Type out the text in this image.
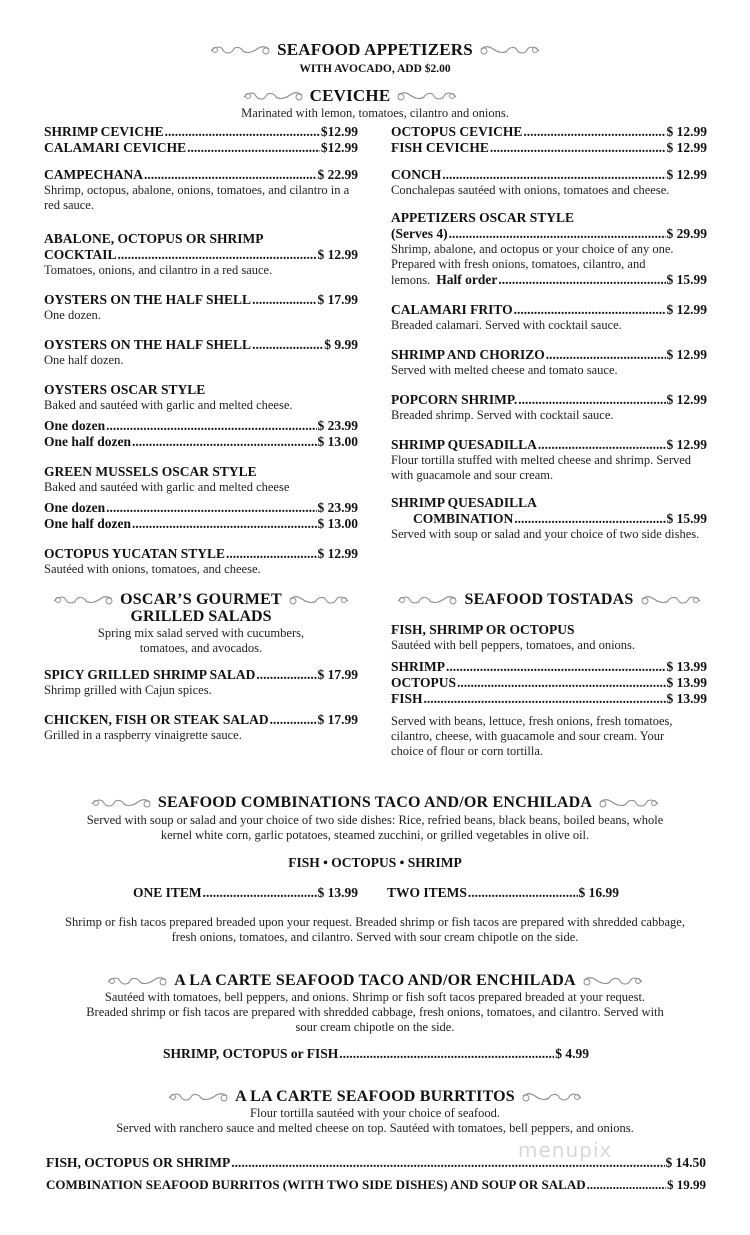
SEAFOOD APPETIZERS
WITH AVOCADO, ADD $2.00
CEVICHE
Marinated with lemon, tomatoes, cilantro and onions.
SHRIMP CEVICHE .....	$12.99
CALAMARI CEVICHE .....	$12.99
OCTOPUS CEVICHE .....	$ 12.99
FISH CEVICHE .....	$ 12.99
CAMPECHANA .....	$ 22.99
Shrimp, octopus, abalone, onions, tomatoes, and cilantro in a red sauce.
ABALONE, OCTOPUS OR SHRIMP
COCKTAIL .....	$ 12.99
Tomatoes, onions, and cilantro in a red sauce.
OYSTERS ON THE HALF SHELL .....	$ 17.99
One dozen.
OYSTERS ON THE HALF SHELL .....	$ 9.99
One half dozen.
OYSTERS OSCAR STYLE
Baked and sautéed with garlic and melted cheese.
One dozen .....	$ 23.99
One half dozen .....	$ 13.00
GREEN MUSSELS OSCAR STYLE
Baked and sautéed with garlic and melted cheese
One dozen .....	$ 23.99
One half dozen .....	$ 13.00
OCTOPUS YUCATAN STYLE .....	$ 12.99
Sautéed with onions, tomatoes, and cheese.
CONCH .....	$ 12.99
Conchalepas sautéed with onions, tomatoes and cheese.
APPETIZERS OSCAR STYLE
(Serves 4) .....	$ 29.99
Shrimp, abalone, and octopus or your choice of any one. Prepared with fresh onions, tomatoes, cilantro, and
lemons. Half order .....	$ 15.99
CALAMARI FRITO .....	$ 12.99
Breaded calamari. Served with cocktail sauce.
SHRIMP AND CHORIZO .....	$ 12.99
Served with melted cheese and tomato sauce.
POPCORN SHRIMP. .....	$ 12.99
Breaded shrimp. Served with cocktail sauce.
SHRIMP QUESADILLA .....	$ 12.99
Flour tortilla stuffed with melted cheese and shrimp. Served with guacamole and sour cream.
SHRIMP QUESADILLA
COMBINATION .....	$ 15.99
Served with soup or salad and your choice of two side dishes.
OSCAR’S GOURMET
GRILLED SALADS
Spring mix salad served with cucumbers, tomatoes, and avocados.
SPICY GRILLED SHRIMP SALAD .....	$ 17.99
Shrimp grilled with Cajun spices.
CHICKEN, FISH OR STEAK SALAD .....	$ 17.99
Grilled in a raspberry vinaigrette sauce.
SEAFOOD TOSTADAS
FISH, SHRIMP OR OCTOPUS
Sautéed with bell peppers, tomatoes, and onions.
SHRIMP .....	$ 13.99
OCTOPUS .....	$ 13.99
FISH .....	$ 13.99
Served with beans, lettuce, fresh onions, fresh tomatoes, cilantro, cheese, with guacamole and sour cream. Your choice of flour or corn tortilla.
SEAFOOD COMBINATIONS TACO AND/OR ENCHILADA
Served with soup or salad and your choice of two side dishes: Rice, refried beans, black beans, boiled beans, whole kernel white corn, garlic potatoes, steamed zucchini, or grilled vegetables in olive oil.
FISH • OCTOPUS • SHRIMP
ONE ITEM .....	$ 13.99 TWO ITEMS .....	$ 16.99
Shrimp or fish tacos prepared breaded upon your request. Breaded shrimp or fish tacos are prepared with shredded cabbage, fresh onions, tomatoes, and cilantro. Served with sour cream chipotle on the side.
A LA CARTE SEAFOOD TACO AND/OR ENCHILADA
Sautéed with tomatoes, bell peppers, and onions. Shrimp or fish soft tacos prepared breaded at your request. Breaded shrimp or fish tacos are prepared with shredded cabbage, fresh onions, tomatoes, and cilantro. Served with sour cream chipotle on the side.
SHRIMP, OCTOPUS or FISH .....	$ 4.99
A LA CARTE SEAFOOD BURRTITOS
Flour tortilla sautéed with your choice of seafood.
Served with ranchero sauce and melted cheese on top. Sautéed with tomatoes, bell peppers, and onions.
menupix
FISH, OCTOPUS OR SHRIMP .....	$ 14.50
COMBINATION SEAFOOD BURRITOS (WITH TWO SIDE DISHES) AND SOUP OR SALAD .....	$ 19.99
